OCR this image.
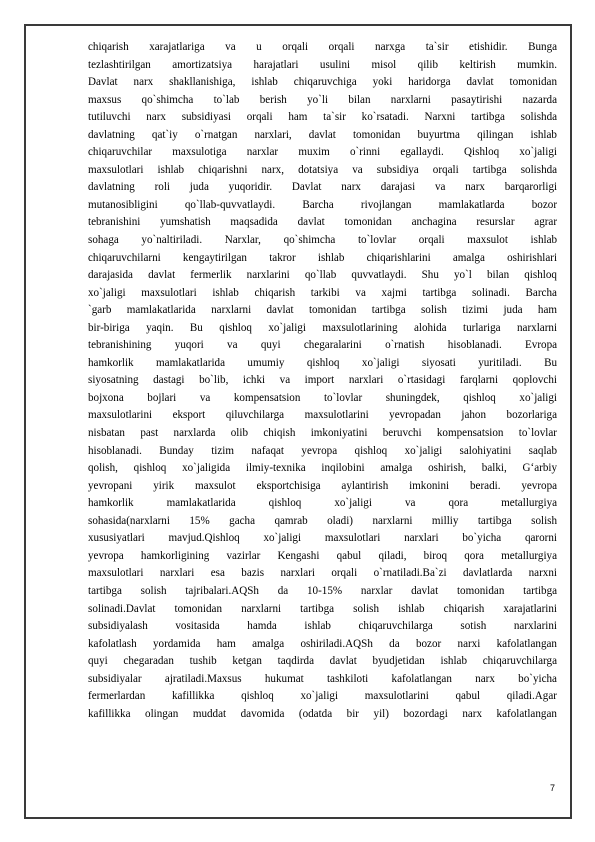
chiqarish xarajatlariga va u orqali orqali narxga ta`sir etishidir. Bunga
tezlashtirilgan amortizatsiya harajatlari usulini misol qilib keltirish mumkin.
Davlat narx shakllanishiga, ishlab chiqaruvchiga yoki haridorga davlat tomonidan
maxsus qo`shimcha to`lab berish yo`li bilan narxlarni pasaytirishi nazarda
tutiluvchi narx subsidiyasi orqali ham ta`sir ko`rsatadi. Narxni tartibga solishda
davlatning qat`iy o`rnatgan narxlari, davlat tomonidan buyurtma qilingan ishlab
chiqaruvchilar maxsulotiga narxlar muxim o`rinni egallaydi. Qishloq xo`jaligi
maxsulotlari ishlab chiqarishni narx, dotatsiya va subsidiya orqali tartibga solishda
davlatning roli juda yuqoridir. Davlat narx darajasi va narx barqarorligi
mutanosibligini qo`llab-quvvatlaydi. Barcha rivojlangan mamlakatlarda bozor
tebranishini yumshatish maqsadida davlat tomonidan anchagina resurslar agrar
sohaga yo`naltiriladi. Narxlar, qo`shimcha to`lovlar orqali maxsulot ishlab
chiqaruvchilarni kengaytirilgan takror ishlab chiqarishlarini amalga oshirishlari
darajasida davlat fermerlik narxlarini qo`llab quvvatlaydi. Shu yo`l bilan qishloq
xo`jaligi maxsulotlari ishlab chiqarish tarkibi va xajmi tartibga solinadi. Barcha
`garb mamlakatlarida narxlarni davlat tomonidan tartibga solish tizimi juda ham
bir-biriga yaqin. Bu qishloq xo`jaligi maxsulotlarining alohida turlariga narxlarni
tebranishining yuqori va quyi chegaralarini o`rnatish hisoblanadi. Evropa
hamkorlik mamlakatlarida umumiy qishloq xo`jaligi siyosati yuritiladi. Bu
siyosatning dastagi bo`lib, ichki va import narxlari o`rtasidagi farqlarni qoplovchi
bojxona bojlari va kompensatsion to`lovlar shuningdek, qishloq xo`jaligi
maxsulotlarini eksport qiluvchilarga maxsulotlarini yevropadan jahon bozorlariga
nisbatan past narxlarda olib chiqish imkoniyatini beruvchi kompensatsion to`lovlar
hisoblanadi. Bunday tizim nafaqat yevropa qishloq xo`jaligi salohiyatini saqlab
qolish, qishloq xo`jaligida ilmiy-texnika inqilobini amalga oshirish, balki, G‘arbiy
yevropani yirik maxsulot eksportchisiga aylantirish imkonini beradi. yevropa
hamkorlik	mamlakatlarida	qishloq	xo`jaligi	va	qora	metallurgiya
sohasida(narxlarni 15% gacha qamrab oladi) narxlarni milliy tartibga solish
xususiyatlari mavjud.Qishloq xo`jaligi maxsulotlari narxlari bo`yicha qarorni
yevropa hamkorligining vazirlar Kengashi qabul qiladi, biroq qora metallurgiya
maxsulotlari narxlari esa bazis narxlari orqali o`rnatiladi.Ba`zi davlatlarda narxni
tartibga solish tajribalari.AQSh da 10-15% narxlar davlat tomonidan tartibga
solinadi.Davlat tomonidan narxlarni tartibga solish ishlab chiqarish xarajatlarini
subsidiyalash vositasida hamda ishlab chiqaruvchilarga sotish narxlarini
kafolatlash yordamida ham amalga oshiriladi.AQSh da bozor narxi kafolatlangan
quyi chegaradan tushib ketgan taqdirda davlat byudjetidan ishlab chiqaruvchilarga
subsidiyalar ajratiladi.Maxsus hukumat tashkiloti kafolatlangan narx bo`yicha
fermerlardan kafillikka qishloq xo`jaligi maxsulotlarini qabul qiladi.Agar
kafillikka olingan muddat davomida (odatda bir yil) bozordagi narx kafolatlangan
7
